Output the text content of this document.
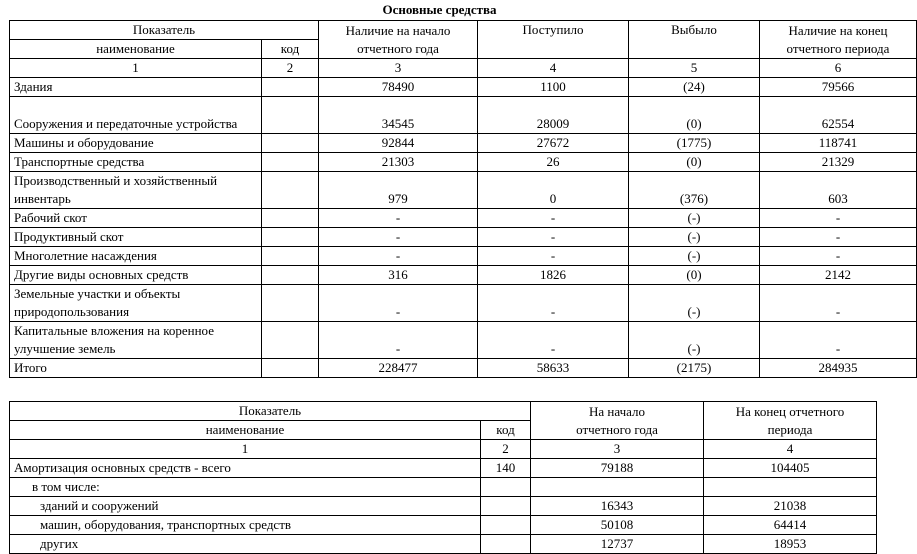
Основные средства
Показатель		Наличие на начало отчетного года	Поступило	Выбыло	Наличие на конец отчетного периода
наименование	код				
1	2	3	4	5	6
Здания		78490	1100	(24)	79566
Сооружения и передаточные устройства		34545	28009	(0)	62554
Машины и оборудование		92844	27672	(1775)	118741
Транспортные средства		21303	26	(0)	21329
Производственный и хозяйственный инвентарь		979	0	(376)	603
Рабочий скот		-	-	(-)	-
Продуктивный скот		-	-	(-)	-
Многолетние насаждения		-	-	(-)	-
Другие виды основных средств		316	1826	(0)	2142
Земельные участки и объекты природопользования		-	-	(-)	-
Капитальные вложения на коренное улучшение земель		-	-	(-)	-
Итого		228477	58633	(2175)	284935
Показатель		На начало отчетного года	На конец отчетного периода
наименование	код		
1	2	3	4
Амортизация основных средств - всего	140	79188	104405
в том числе:			
зданий и сооружений		16343	21038
машин, оборудования, транспортных средств		50108	64414
других		12737	18953
